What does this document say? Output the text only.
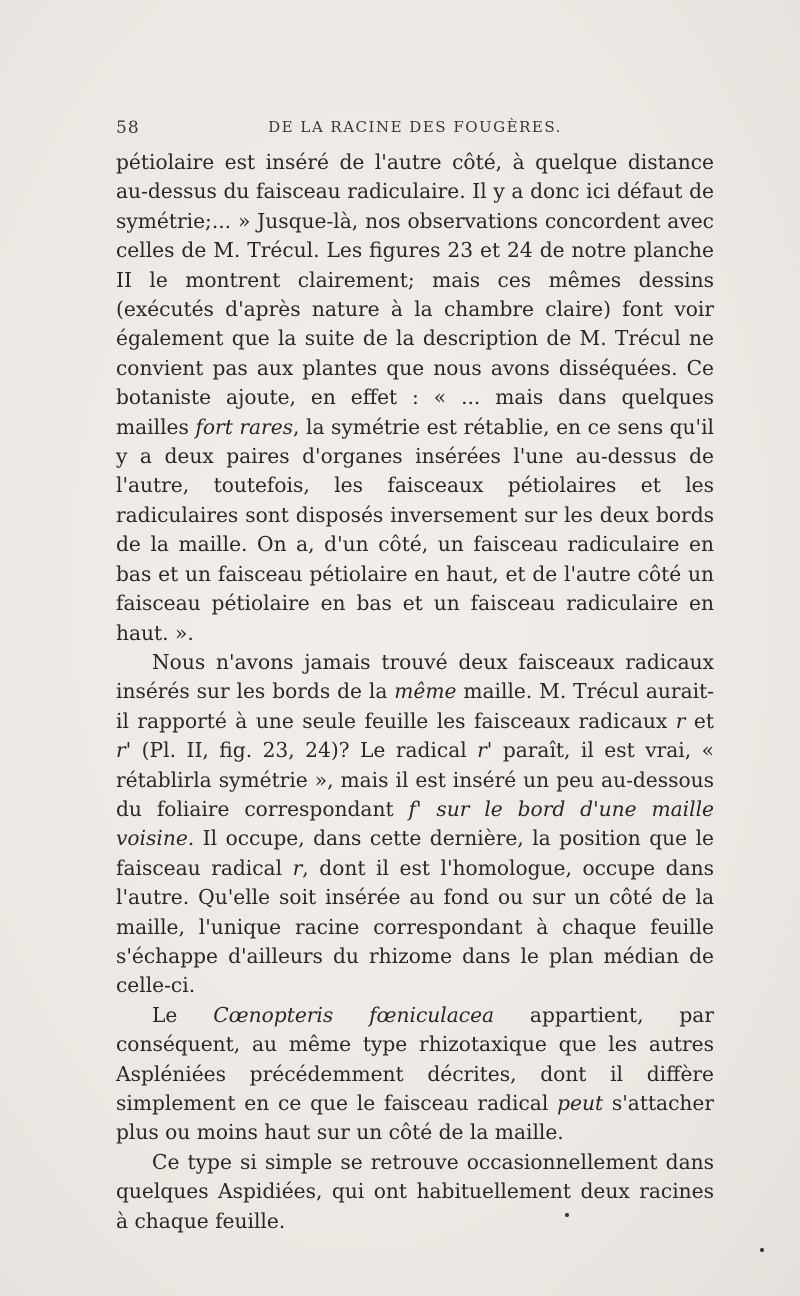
58	DE LA RACINE DES FOUGÈRES.

pétiolaire est inséré de l'autre côté, à quelque distance au-dessus du faisceau radiculaire. Il y a donc ici défaut de symétrie;... » Jusque-là, nos observations concordent avec celles de M. Trécul. Les figures 23 et 24 de notre planche II le montrent clairement; mais ces mêmes dessins (exécutés d'après nature à la chambre claire) font voir également que la suite de la description de M. Trécul ne convient pas aux plantes que nous avons disséquées. Ce botaniste ajoute, en effet : « ... mais dans quelques mailles fort rares, la symétrie est rétablie, en ce sens qu'il y a deux paires d'organes insérées l'une au-dessus de l'autre, toutefois, les faisceaux pétiolaires et les radiculaires sont disposés inversement sur les deux bords de la maille. On a, d'un côté, un faisceau radiculaire en bas et un faisceau pétiolaire en haut, et de l'autre côté un faisceau pétiolaire en bas et un faisceau radiculaire en haut. ».

Nous n'avons jamais trouvé deux faisceaux radicaux insérés sur les bords de la même maille. M. Trécul aurait-il rapporté à une seule feuille les faisceaux radicaux r et r' (Pl. II, fig. 23, 24)? Le radical r' paraît, il est vrai, « rétablirla symétrie », mais il est inséré un peu au-dessous du foliaire correspondant f' sur le bord d'une maille voisine. Il occupe, dans cette dernière, la position que le faisceau radical r, dont il est l'homologue, occupe dans l'autre. Qu'elle soit insérée au fond ou sur un côté de la maille, l'unique racine correspondant à chaque feuille s'échappe d'ailleurs du rhizome dans le plan médian de celle-ci.

Le Cœnopteris fœniculacea appartient, par conséquent, au même type rhizotaxique que les autres Aspléniées précédemment décrites, dont il diffère simplement en ce que le faisceau radical peut s'attacher plus ou moins haut sur un côté de la maille.

Ce type si simple se retrouve occasionnellement dans quelques Aspidiées, qui ont habituellement deux racines à chaque feuille.
